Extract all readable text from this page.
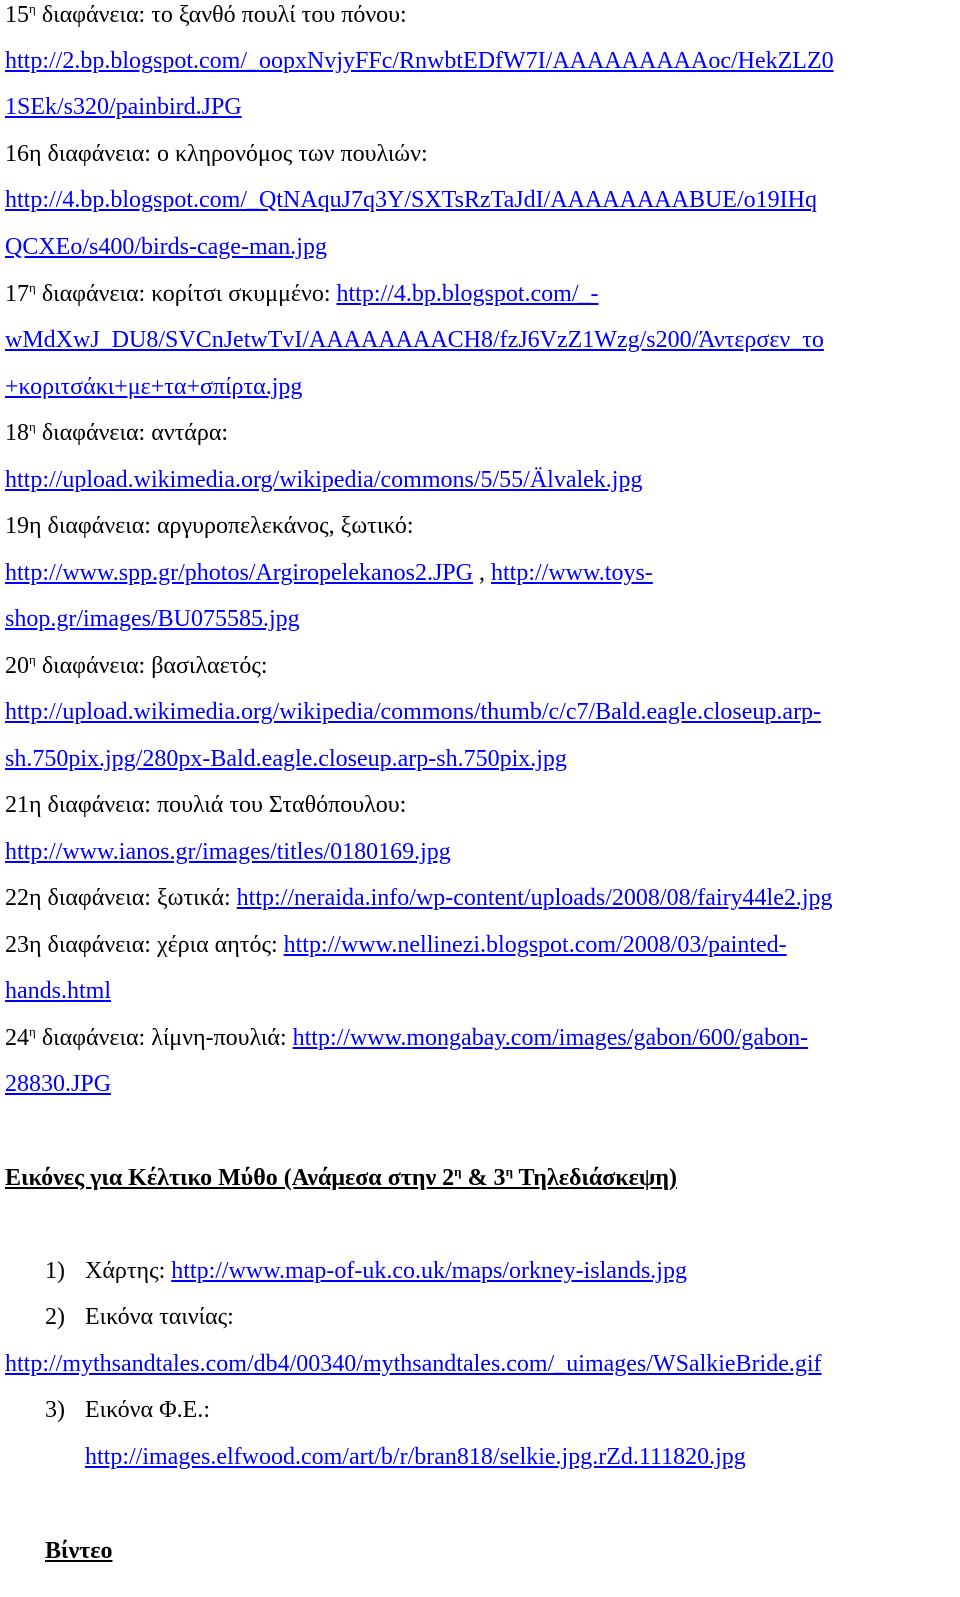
$15^\eta$ διαφάνεια: το ξανθό πουλί του πόνου:
http://2.bp.blogspot.com/_oopxNvjyFFc/RnwbtEDfW7I/AAAAAAAAAoc/HekZLZ0
1SEk/s320/painbird.JPG
16η διαφάνεια: ο κληρονόμος των πουλιών:
http://4.bp.blogspot.com/_QtNAquJ7q3Y/SXTsRzTaJdI/AAAAAAAABUE/o19IHq
QCXEo/s400/birds-cage-man.jpg
$17^\eta$ διαφάνεια: κορίτσι σκυμμένο: http://4.bp.blogspot.com/_-
wMdXwJ_DU8/SVCnJetwTvI/AAAAAAAACH8/fzJ6VzZ1Wzg/s200/Άντερσεν_το
+κοριτσάκι+με+τα+σπίρτα.jpg
$18^\eta$ διαφάνεια: αντάρα:
http://upload.wikimedia.org/wikipedia/commons/5/55/Älvalek.jpg
19η διαφάνεια: αργυροπελεκάνος, ξωτικό:
http://www.spp.gr/photos/Argiropelekanos2.JPG , http://www.toys-
shop.gr/images/BU075585.jpg
$20^\eta$ διαφάνεια: βασιλαετός:
http://upload.wikimedia.org/wikipedia/commons/thumb/c/c7/Bald.eagle.closeup.arp-
sh.750pix.jpg/280px-Bald.eagle.closeup.arp-sh.750pix.jpg
21η διαφάνεια: πουλιά του Σταθόπουλου:
http://www.ianos.gr/images/titles/0180169.jpg
22η διαφάνεια: ξωτικά: http://neraida.info/wp-content/uploads/2008/08/fairy44le2.jpg
23η διαφάνεια: χέρια αητός: http://www.nellinezi.blogspot.com/2008/03/painted-
hands.html
$24^\eta$ διαφάνεια: λίμνη-πουλιά: http://www.mongabay.com/images/gabon/600/gabon-
28830.JPG
Εικόνες για Κέλτικο Μύθο (Ανάμεσα στην $2^\eta$ & $3^\eta$ Τηλεδιάσκεψη)
1) Χάρτης: http://www.map-of-uk.co.uk/maps/orkney-islands.jpg
2) Εικόνα ταινίας:
http://mythsandtales.com/db4/00340/mythsandtales.com/_uimages/WSalkieBride.gif
3) Εικόνα Φ.Ε.:
http://images.elfwood.com/art/b/r/bran818/selkie.jpg.rZd.111820.jpg
Βίντεο
